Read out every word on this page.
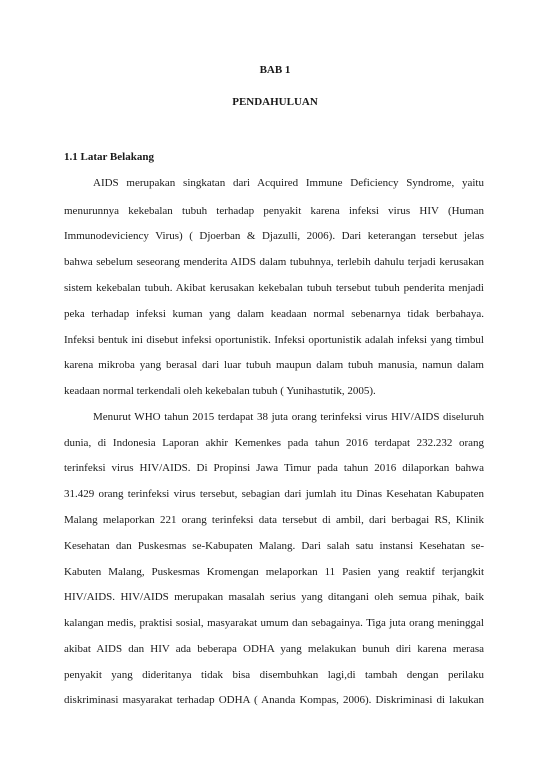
BAB 1
PENDAHULUAN
1.1 Latar Belakang
AIDS merupakan singkatan dari Acquired Immune Deficiency Syndrome, yaitu
menurunnya kekebalan tubuh terhadap penyakit karena infeksi virus HIV (Human
Immunodeviciency Virus) ( Djoerban & Djazulli, 2006). Dari keterangan tersebut jelas
bahwa sebelum seseorang menderita AIDS dalam tubuhnya, terlebih dahulu terjadi kerusakan
sistem kekebalan tubuh. Akibat kerusakan kekebalan tubuh tersebut tubuh penderita menjadi
peka terhadap infeksi kuman yang dalam keadaan normal sebenarnya tidak berbahaya.
Infeksi bentuk ini disebut infeksi oportunistik. Infeksi oportunistik adalah infeksi yang timbul
karena mikroba yang berasal dari luar tubuh maupun dalam tubuh manusia, namun dalam
keadaan normal terkendali oleh kekebalan tubuh ( Yunihastutik, 2005).
Menurut WHO tahun 2015 terdapat 38 juta orang terinfeksi virus HIV/AIDS diseluruh
dunia, di Indonesia Laporan akhir Kemenkes pada tahun 2016 terdapat 232.232 orang
terinfeksi virus HIV/AIDS. Di Propinsi Jawa Timur pada tahun 2016 dilaporkan bahwa
31.429 orang terinfeksi virus tersebut, sebagian dari jumlah itu Dinas Kesehatan Kabupaten
Malang melaporkan 221 orang terinfeksi data tersebut di ambil, dari berbagai RS, Klinik
Kesehatan dan Puskesmas se-Kabupaten Malang. Dari salah satu instansi Kesehatan se-
Kabuten Malang, Puskesmas Kromengan melaporkan 11 Pasien yang reaktif terjangkit
HIV/AIDS. HIV/AIDS merupakan masalah serius yang ditangani oleh semua pihak, baik
kalangan medis, praktisi sosial, masyarakat umum dan sebagainya. Tiga juta orang meninggal
akibat AIDS dan HIV ada beberapa ODHA yang melakukan bunuh diri karena merasa
penyakit yang dideritanya tidak bisa disembuhkan lagi,di tambah dengan perilaku
diskriminasi masyarakat terhadap ODHA ( Ananda Kompas, 2006). Diskriminasi di lakukan
